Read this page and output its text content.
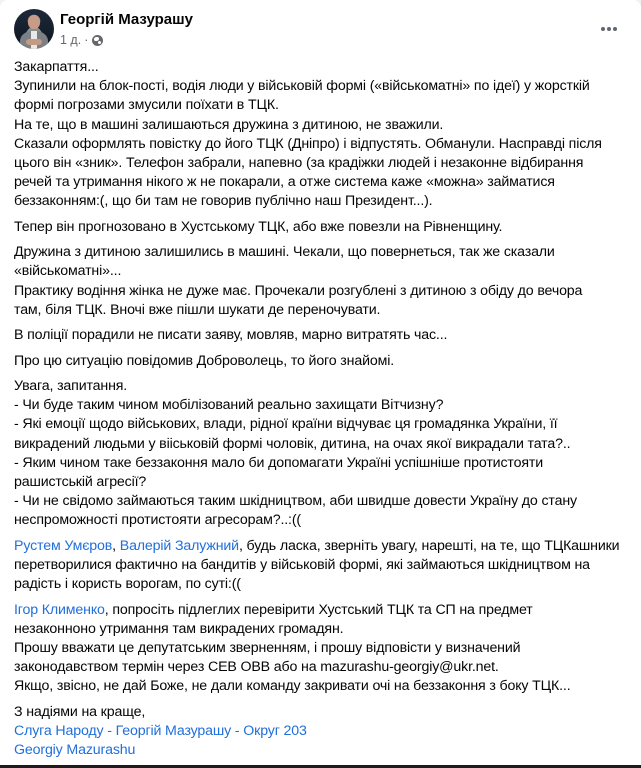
Георгій Мазурашу
1 д. ·

Закарпаття...
Зупинили на блок-пості, водія люди у військовій формі («військоматні» по ідеї) у жорсткій
формі погрозами змусили поїхати в ТЦК.
На те, що в машині залишаються дружина з дитиною, не зважили.
Сказали оформлять повістку до його ТЦК (Дніпро) і відпустять. Обманули. Насправді після
цього він «зник». Телефон забрали, напевно (за крадіжки людей і незаконне відбирання
речей та утримання нікого ж не покарали, а отже система каже «можна» займатися
беззаконням:(, що би там не говорив публічно наш Президент...).

Тепер він прогнозовано в Хустському ТЦК, або вже повезли на Рівненщину.

Дружина з дитиною залишились в машині. Чекали, що повернеться, так же сказали
«військоматні»...
Практику водіння жінка не дуже має. Прочекали розгублені з дитиною з обіду до вечора
там, біля ТЦК. Вночі вже пішли шукати де переночувати.

В поліції порадили не писати заяву, мовляв, марно витратять час...

Про цю ситуацію повідомив Доброволець, то його знайомі.

Увага, запитання.
- Чи буде таким чином мобілізований реально захищати Вітчизну?
- Які емоції щодо військових, влади, рідної країни відчуває ця громадянка України, її
викрадений людьми у вііськовій формі чоловік, дитина, на очах якої викрадали тата?..
- Яким чином таке беззаконня мало би допомагати Україні успішніше протистояти
рашистській агресії?
- Чи не свідомо займаються таким шкідництвом, аби швидше довести Україну до стану
неспроможності протистояти агресорам?..:((

Рустем Умєров, Валерій Залужний, будь ласка, зверніть увагу, нарешті, на те, що ТЦКашники
перетворилися фактично на бандитів у військовій формі, які займаються шкідництвом на
радість і користь ворогам, по суті:((

Ігор Клименко, попросіть підлеглих перевірити Хустський ТЦК та СП на предмет
незаконноно утримання там викрадених громадян.
Прошу вважати це депутатським зверненням, і прошу відповісти у визначений
законодавством термін через СЕВ ОВВ або на mazurashu-georgiy@ukr.net.
Якщо, звісно, не дай Боже, не дали команду закривати очі на беззаконня з боку ТЦК...

З надіями на краще,
Слуга Народу - Георгій Мазурашу - Округ 203
Georgiy Mazurashu
